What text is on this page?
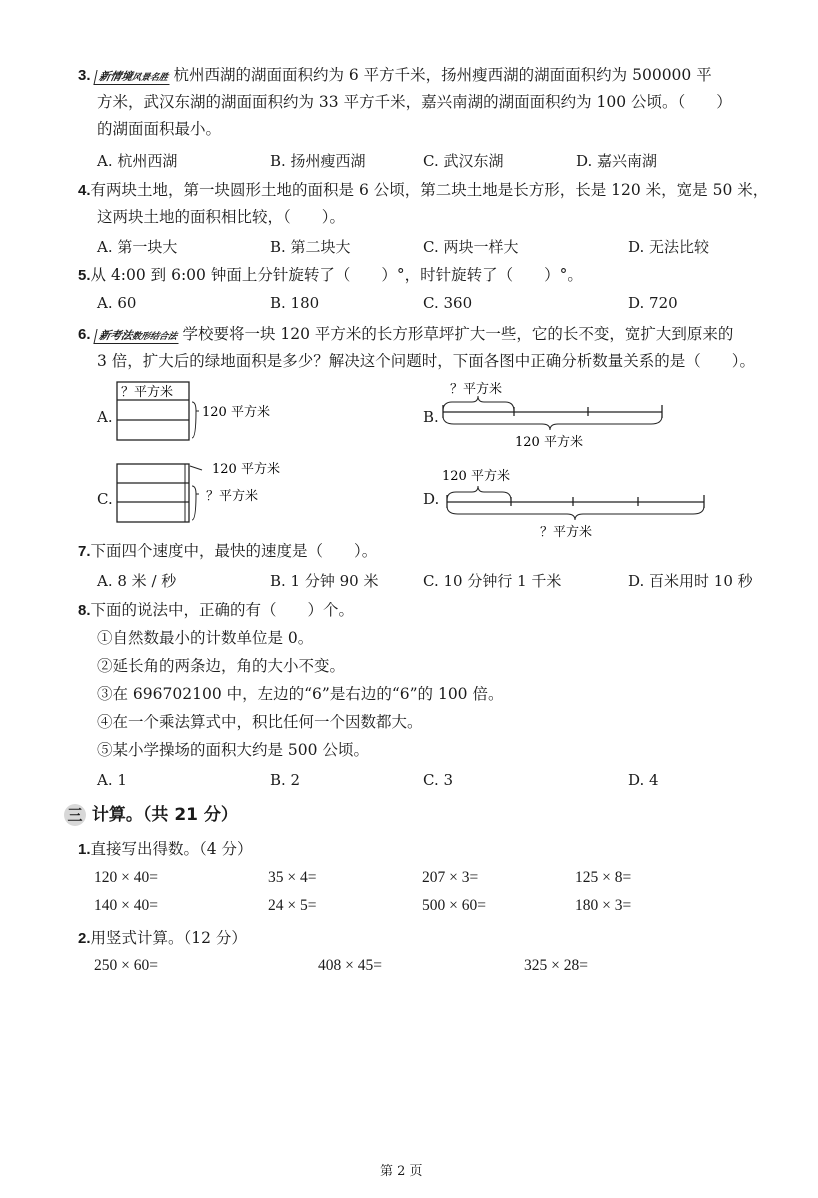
3. 新情境风景名胜 杭州西湖的湖面面积约为 6 平方千米，扬州瘦西湖的湖面面积约为 500000 平
方米，武汉东湖的湖面面积约为 33 平方千米，嘉兴南湖的湖面面积约为 100 公顷。（　　）
的湖面面积最小。
A. 杭州西湖	B. 扬州瘦西湖	C. 武汉东湖	D. 嘉兴南湖
4.有两块土地，第一块圆形土地的面积是 6 公顷，第二块土地是长方形，长是 120 米，宽是 50 米，
这两块土地的面积相比较，（　　）。
A. 第一块大	B. 第二块大	C. 两块一样大	D. 无法比较
5.从 4:00 到 6:00 钟面上分针旋转了（　　）°，时针旋转了（　　）°。
A. 60	B. 180	C. 360	D. 720
6. 新考法数形结合法 学校要将一块 120 平方米的长方形草坪扩大一些，它的长不变，宽扩大到原来的
3 倍，扩大后的绿地面积是多少？解决这个问题时，下面各图中正确分析数量关系的是（　　）。
A.
？平方米
120 平方米	B.
？平方米
120 平方米
C.
120 平方米
？平方米	D.
120 平方米
？平方米
7.下面四个速度中，最快的速度是（　　）。
A. 8 米 / 秒	B. 1 分钟 90 米	C. 10 分钟行 1 千米	D. 百米用时 10 秒
8.下面的说法中，正确的有（　　）个。
①自然数最小的计数单位是 0。
②延长角的两条边，角的大小不变。
③在 696702100 中，左边的“6”是右边的“6”的 100 倍。
④在一个乘法算式中，积比任何一个因数都大。
⑤某小学操场的面积大约是 500 公顷。
A. 1	B. 2	C. 3	D. 4
三 计算。（共 21 分）
1.直接写出得数。（4 分）
120 × 40=	35 × 4=	207 × 3=	125 × 8=
140 × 40=	24 × 5=	500 × 60=	180 × 3=
2.用竖式计算。（12 分）
250 × 60=	408 × 45=	325 × 28=
第 2 页
